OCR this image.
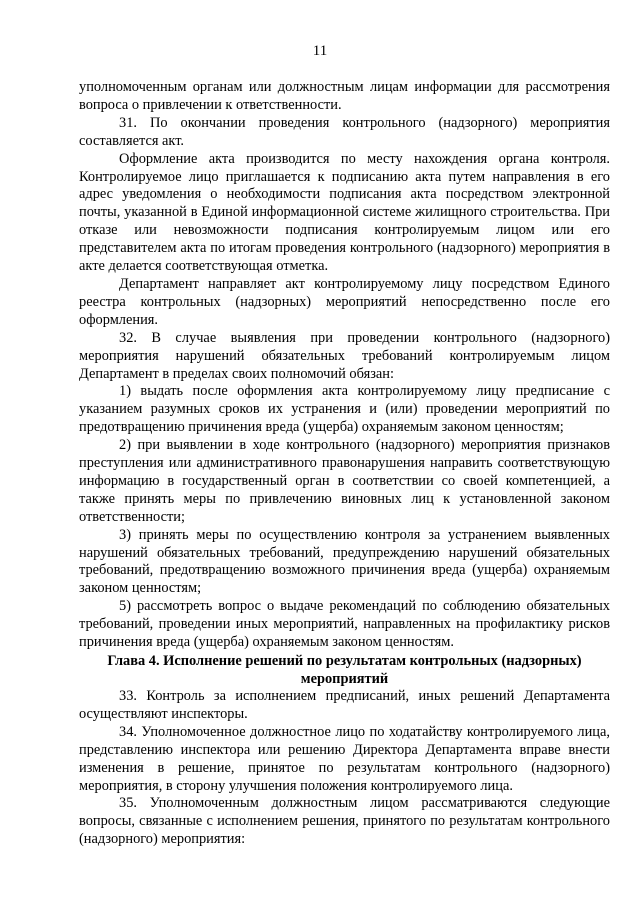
11

уполномоченным органам или должностным лицам информации для рассмотрения вопроса о привлечении к ответственности.

31. По окончании проведения контрольного (надзорного) мероприятия составляется акт.

Оформление акта производится по месту нахождения органа контроля. Контролируемое лицо приглашается к подписанию акта путем направления в его адрес уведомления о необходимости подписания акта посредством электронной почты, указанной в Единой информационной системе жилищного строительства. При отказе или невозможности подписания контролируемым лицом или его представителем акта по итогам проведения контрольного (надзорного) мероприятия в акте делается соответствующая отметка.

Департамент направляет акт контролируемому лицу посредством Единого реестра контрольных (надзорных) мероприятий непосредственно после его оформления.

32. В случае выявления при проведении контрольного (надзорного) мероприятия нарушений обязательных требований контролируемым лицом Департамент в пределах своих полномочий обязан:

1) выдать после оформления акта контролируемому лицу предписание с указанием разумных сроков их устранения и (или) проведении мероприятий по предотвращению причинения вреда (ущерба) охраняемым законом ценностям;

2) при выявлении в ходе контрольного (надзорного) мероприятия признаков преступления или административного правонарушения направить соответствующую информацию в государственный орган в соответствии со своей компетенцией, а также принять меры по привлечению виновных лиц к установленной законом ответственности;

3) принять меры по осуществлению контроля за устранением выявленных нарушений обязательных требований, предупреждению нарушений обязательных требований, предотвращению возможного причинения вреда (ущерба) охраняемым законом ценностям;

5) рассмотреть вопрос о выдаче рекомендаций по соблюдению обязательных требований, проведении иных мероприятий, направленных на профилактику рисков причинения вреда (ущерба) охраняемым законом ценностям.

Глава 4. Исполнение решений по результатам контрольных (надзорных) мероприятий

33. Контроль за исполнением предписаний, иных решений Департамента осуществляют инспекторы.

34. Уполномоченное должностное лицо по ходатайству контролируемого лица, представлению инспектора или решению Директора Департамента вправе внести изменения в решение, принятое по результатам контрольного (надзорного) мероприятия, в сторону улучшения положения контролируемого лица.

35. Уполномоченным должностным лицом рассматриваются следующие вопросы, связанные с исполнением решения, принятого по результатам контрольного (надзорного) мероприятия:
